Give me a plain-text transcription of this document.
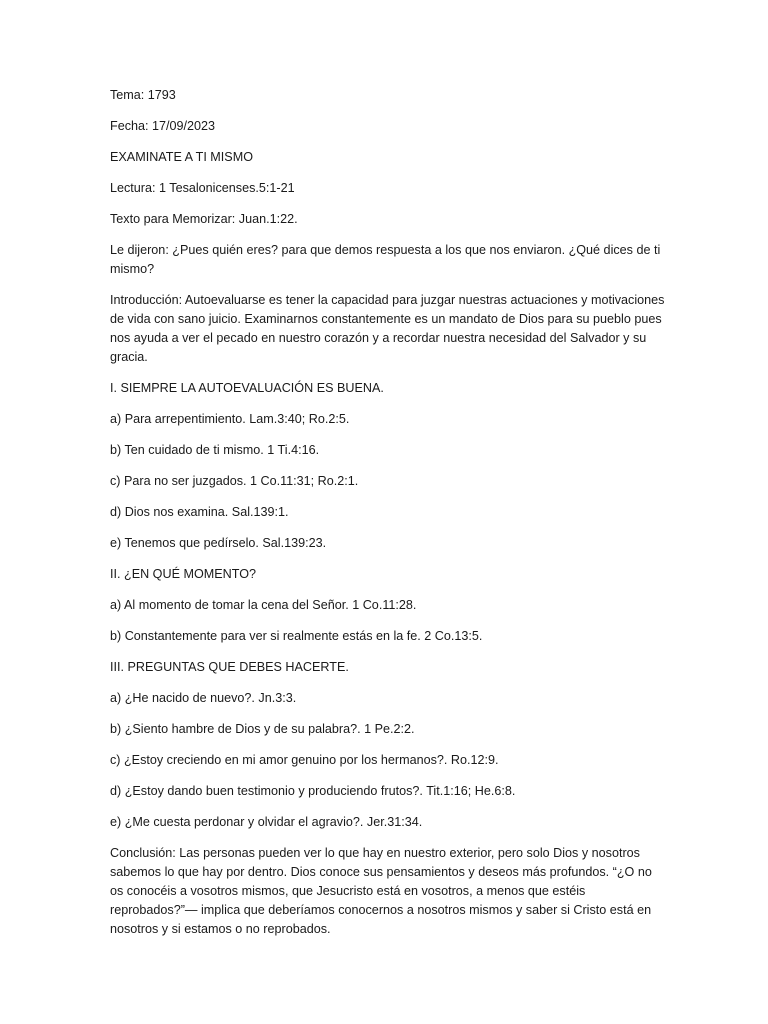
Tema: 1793

Fecha: 17/09/2023

EXAMINATE A TI MISMO

Lectura: 1 Tesalonicenses.5:1-21

Texto para Memorizar: Juan.1:22.

Le dijeron: ¿Pues quién eres? para que demos respuesta a los que nos enviaron. ¿Qué dices de ti mismo?

Introducción: Autoevaluarse es tener la capacidad para juzgar nuestras actuaciones y motivaciones de vida con sano juicio. Examinarnos constantemente es un mandato de Dios para su pueblo pues nos ayuda a ver el pecado en nuestro corazón y a recordar nuestra necesidad del Salvador y su gracia.

I. SIEMPRE LA AUTOEVALUACIÓN ES BUENA.

a) Para arrepentimiento. Lam.3:40; Ro.2:5.

b) Ten cuidado de ti mismo. 1 Ti.4:16.

c) Para no ser juzgados. 1 Co.11:31; Ro.2:1.

d) Dios nos examina. Sal.139:1.

e) Tenemos que pedírselo. Sal.139:23.

II. ¿EN QUÉ MOMENTO?

a) Al momento de tomar la cena del Señor. 1 Co.11:28.

b) Constantemente para ver si realmente estás en la fe. 2 Co.13:5.

III. PREGUNTAS QUE DEBES HACERTE.

a) ¿He nacido de nuevo?. Jn.3:3.

b) ¿Siento hambre de Dios y de su palabra?. 1 Pe.2:2.

c) ¿Estoy creciendo en mi amor genuino por los hermanos?. Ro.12:9.

d) ¿Estoy dando buen testimonio y produciendo frutos?. Tit.1:16; He.6:8.

e) ¿Me cuesta perdonar y olvidar el agravio?. Jer.31:34.

Conclusión: Las personas pueden ver lo que hay en nuestro exterior, pero solo Dios y nosotros sabemos lo que hay por dentro. Dios conoce sus pensamientos y deseos más profundos. “¿O no os conocéis a vosotros mismos, que Jesucristo está en vosotros, a menos que estéis reprobados?”— implica que deberíamos conocernos a nosotros mismos y saber si Cristo está en nosotros y si estamos o no reprobados.
